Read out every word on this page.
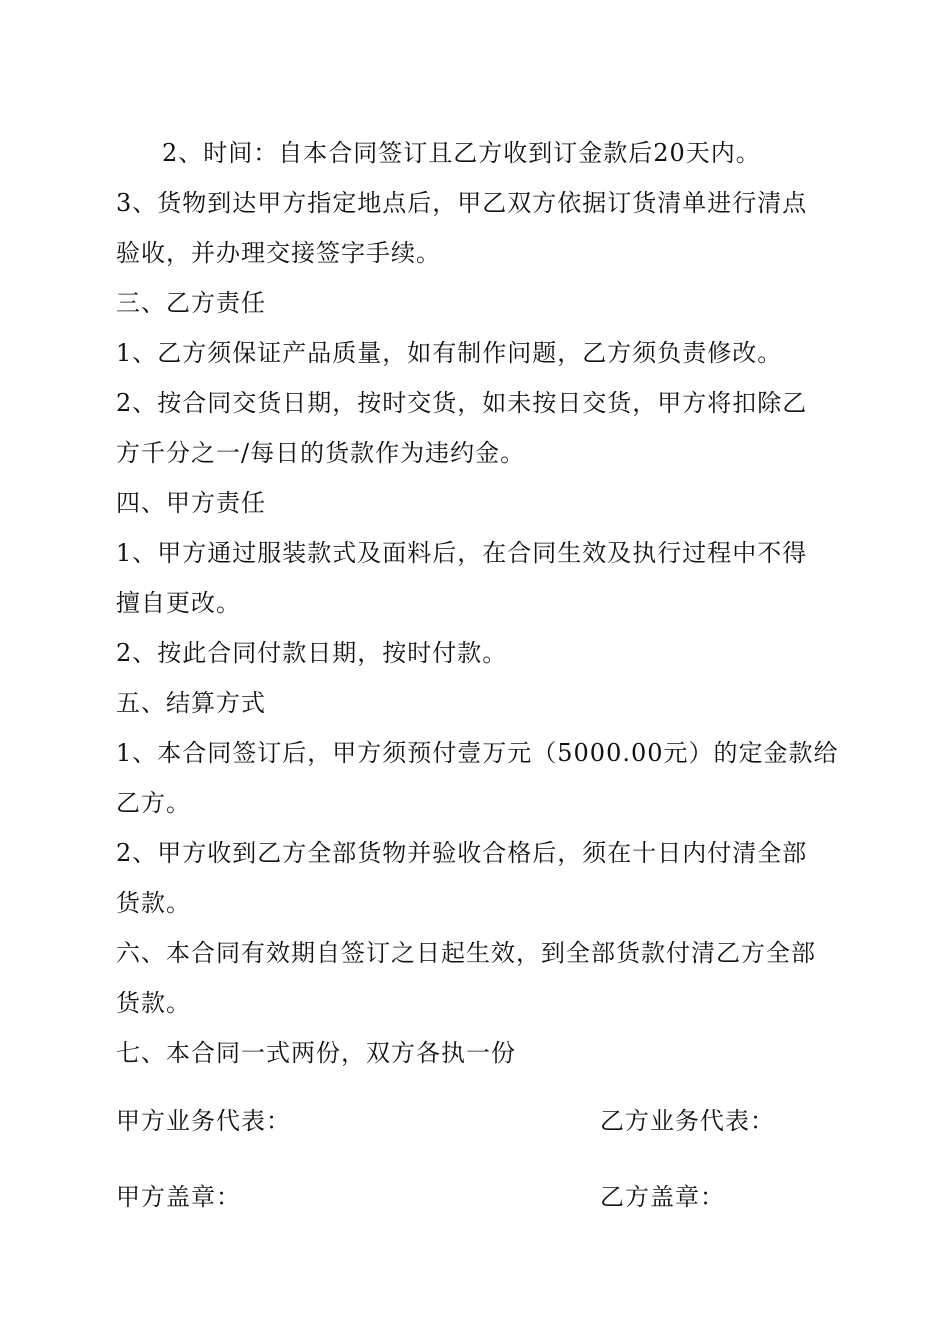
2、时间：自本合同签订且乙方收到订金款后20天内。
3、货物到达甲方指定地点后，甲乙双方依据订货清单进行清点
验收，并办理交接签字手续。
三、乙方责任
1、乙方须保证产品质量，如有制作问题，乙方须负责修改。
2、按合同交货日期，按时交货，如未按日交货，甲方将扣除乙
方千分之一/每日的货款作为违约金。
四、甲方责任
1、甲方通过服装款式及面料后，在合同生效及执行过程中不得
擅自更改。
2、按此合同付款日期，按时付款。
五、结算方式
1、本合同签订后，甲方须预付壹万元（5000.00元）的定金款给
乙方。
2、甲方收到乙方全部货物并验收合格后，须在十日内付清全部
货款。
六、本合同有效期自签订之日起生效，到全部货款付清乙方全部
货款。
七、本合同一式两份，双方各执一份
甲方业务代表：	乙方业务代表：
甲方盖章：	乙方盖章：
